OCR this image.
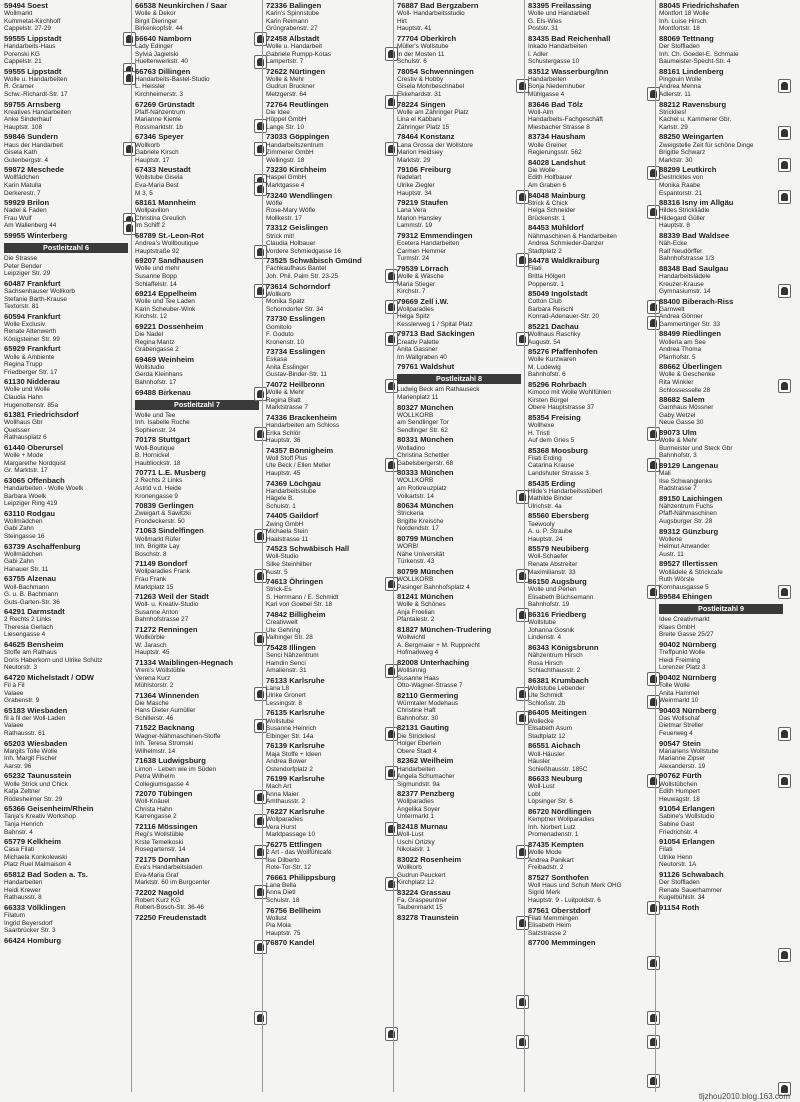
59494 Soest
Wollmarkt
Kummetat-Kirchhoff
Cappelstr. 27-29
59555 Lippstadt
Handarbeits-Haus
Porenski KG
Cappelstr. 21
59555 Lippstadt
Wolle u. Handarbeiten
R. Gramer
Schw.-Richardt-Str. 17
59755 Arnsberg
Kreatives Handarbeiten
Anke Sinderhauf
Hauptstr. 108
59846 Sundern
Haus der Handarbeit
Gisela Kath
Gutenbergstr. 4
59872 Meschede
Wollfädchen
Karin Matulla
Derkerestr. 7
59929 Brilon
Nadel & Faden
Frau Wulf
Am Wallenberg 44
59955 Winterberg
Postleitzahl 6
Die Strasse
Peter Bender
Leipziger Str. 29
60487 Frankfurt
Sachsenhauser Wollkorb
Stefanie Barth-Krause
Textorstr. 81
60594 Frankfurt
Wolle Exclusiv
Renate Altenwerth
Königsteiner Str. 99
65929 Frankfurt
Wolle & Ambiente
Regina Trupp
Friedberger Str. 17
61130 Nidderau
Wolle und Wolle
Claudia Hahn
Hugenottenstr. 85a
61381 Friedrichsdorf
Wollhaus Gbr
Quelsser
Rathausplatz 6
61440 Oberursel
Wolle + Mode
Margarethe Nordquist
Gr. Marktstr. 17
63065 Offenbach
Handarbeiten - Wolle Woelk
Barbara Woelk
Leipziger Ring 419
63110 Rodgau
Wollmädchen
Gabi Zahn
Steingasse 16
63739 Aschaffenburg
Wollmädchen
Gabi Zahn
Hanauer Str. 11
63755 Alzenau
Woll-Bachmann
G. u. B. Bachmann
Guts-Garten-Str. 36
64291 Darmstadt
2 Rechts 2 Links
Theresia Gerlach
Liesengasse 4
64625 Bensheim
Stoffe am Rathaus
Doris Haberkorn und Ulrike Schütz
Neutorstr. 3
64720 Michelstadt / ODW
Fil à Fil
Valaee
Grabenstr. 9
65183 Wiesbaden
fil à fil der Woll-Laden
Valaee
Rathausstr. 61
65203 Wiesbaden
Margits Tolle Wolle
Inh. Margit Fischer
Aarstr. 96
65232 Taunusstein
Wolle Strick und Chick
Katja Zeltner
Rödesheimer Str. 29
65366 Geisenheim/Rhein
Tanja's Kreativ Workshop
Tanja Henrich
Bahnstr. 4
65779 Kelkheim
Casa Filati
Michaela Konkolewski
Platz Ruel Malmaison 4
65812 Bad Soden a. Ts.
Handarbeiten
Heidi Krewer
Rathausstr. 8
66333 Völklingen
Filatum
Ingrid Beyersdorf
Saarbrücker Str. 3
66424 Homburg
66538 Neunkirchen / Saar
Wolle & Dekor
Birgit Dieringer
Birkenkopfstr. 44
66640 Namborn
Lady Edinger
Sylvia Jagielski
Hueltenwerkstr. 40
66763 Dillingen
Handarbeits-Bastel-Studio
L. Heissler
Kirchheimerstr. 3
67269 Grünstadt
Pfaff-Nähzentrum
Marianne Kienle
Rossmarktstr. 1b
67346 Speyer
Wollkorb
Gabriele Kirsch
Hauptstr. 17
67433 Neustadt
Wollstube Gisela
Eva-Maria Best
M 3, 5
68161 Mannheim
Wollpavillon
Christina Greulich
Im Schiff 2
68789 St.-Leon-Rot
Andrea's Wollboutique
Hauptstraße 92
69207 Sandhausen
Wolle und mehr
Susanne Bopp
Schlaffelstr. 14
69214 Eppelheim
Wolle und Tee Laden
Karin Scheuber-Wink
Kirchstr. 12
69221 Dossenheim
Die Nadel
Regina Mantz
Grabengasse 2
69469 Weinheim
Wollstudio
Gerda Kleinhans
Bahnhofstr. 17
69488 Birkenau
Postleitzahl 7
Wolle und Tee
Inh. Isabelle Roche
Sophienstr. 24
70178 Stuttgart
Woll-Boutique
B. Hornickel
Haubliockstr. 18
70771 L.E. Musberg
2 Rechts 2 Links
Astrid v.d. Heide
Kronengasse 9
70839 Gerlingen
Zweigart & Sawitzki
Frondeckerstr. 50
71063 Sindelfingen
Wollmarkt Rüfer
Inh. Brigitte Lay
Boschstr. 8
71149 Bondorf
Wollparadies Frank
Frau Frank
Marktplatz 15
71263 Weil der Stadt
Woll- u. Kreativ-Studio
Susanne Anton
Bahnhofstrasse 27
71272 Renningen
Wollkörble
W. Jarasch
Hauptstr. 45
71334 Waiblingen-Hegnach
Vreni's Wollstüble
Verena Kurz
Mühlstorstr. 2
71364 Winnenden
Die Masche
Hans Dieter Aumüller
Schillerstr. 46
71522 Backnang
Wagner-Nähmaschinen-Stoffe
Inh. Teresa Stromski
Wilhelmstr. 14
71638 Ludwigsburg
Limon - Leben wie im Süden
Petra Wilhelm
Collegiumsgasse 4
72070 Tübingen
Woll-Knäuel
Christa Hahn
Karrengasse 2
72116 Mössingen
Regi's Wollstüble
Krste Temelkoski
Rosegartenstr. 14
72175 Dornhan
Eva's Handarbeitsladen
Eva-Maria Graf
Marktstr. 60 im Burgcenter
72202 Nagold
Robert Kurz KG
Robert-Bosch-Str. 36-46
72250 Freudenstadt
72336 Balingen
Karin's Spinnstube
Karin Reimann
Grüngrabenstr. 27
72458 Albstadt
Wolle u. Handarbeit
Gabriele Rumpp-Kotas
Lampertstr. 7
72622 Nürtingen
Wolle & Mehr
Gudrun Bruckner
Metzgerstr. 64
72764 Reutlingen
Die Idee
Höppel GmbH
Lange Str. 10
73033 Göppingen
Handarbeitszentrum
Zimmerer GmbH
Wellingstr. 18
73230 Kirchheim
Haspel GmbH
Marktgasse 4
73240 Wendlingen
Wöfle
Rose-Mary Wöfle
Mollkestr. 17
73312 Geislingen
Strick mit!
Claudia Holbauer
Vordere Schmiedgasse 16
73525 Schwäbisch Gmünd
Fachkaufhaus Bantel
Joh. Phil. Palm Str. 23-25
73614 Schorndorf
Wollkorb
Monika Spatz
Schorndorfer Str. 34
73730 Esslingen
Gomitolo
F. Goduto
Kronenstr. 10
73734 Esslingen
Eskasa
Anita Esslinger
Gustav-Binder-Str. 11
74072 Heilbronn
Wolle & Mehr
Regina Blatt
Marktstrasse 7
74336 Brackenheim
Handarbeiten am Schloss
Erika Schlör
Hauptstr. 36
74357 Bönnigheim
Woll Stoff Plus
Ute Beck / Ellen Meller
Hauptstr. 45
74369 Löchgau
Handarbeitsstube
Hägele B.
Schulstr. 1
74405 Gaildorf
Zwing GmbH
Michaela Stein
Haalstrasse 11
74523 Schwäbisch Hall
Woll-Studio
Silke Steinhilber
Austr. 5
74613 Öhringen
Strick-Es
S. Herrmann / E. Schmidt
Karl von Goebel Str. 18
74842 Billigheim
Creativwelt
Ute Gehring
Vaihinger Str. 28
75428 Illingen
Senci Nähzentrum
Hamdin Senci
Amalienstr. 31
76133 Karlsruhe
Lana L8
Ulrike Gronert
Lessingstr. 8
76135 Karlsruhe
Wollstube
Susanne Heinrich
Elbinger Str. 14a
76139 Karlsruhe
Maja Stoffe + Ideen
Andrea Bower
Ostendorfplatz 2
76199 Karlsruhe
Mach Art
Anna Maier
Amthausstr. 2
76227 Karlsruhe
Wollparadies
Vera Hurst
Marktpassage 10
76275 Ettlingen
2 Art - das Wollfühlcafé
Ilse Dilberto
Rote-Tor-Str. 12
76661 Philippsburg
Lana Bella
Anna Dietl
Schulstr. 18
76756 Bellheim
Wollust
Pia Mola
Hauptstr. 75
76870 Kandel
76887 Bad Bergzabern
Woll- Handarbeitsstudio
Hirt
Hauptstr. 41
77704 Oberkirch
Müller's Wollstube
In der Mosten 11
Schulstr. 6
78054 Schwenningen
Crestiv & Hobby
Gisela Mohrbeschnabel
Ekkehardstr. 31
78224 Singen
Wolle am Zähringer Platz
Lina el Kabbani
Zähringer Platz 15
78464 Konstanz
Lana Grossa der Wollstore
Marion Heidsiey
Marktstr. 29
79106 Freiburg
Nadelart
Ulrike Ziegler
Hauptstr. 34
79219 Staufen
Lana Vera
Marion Hansley
Lammstr. 19
79312 Emmendingen
Ecetera Handarbeiten
Carmen Hemmer
Turmstr. 24
79539 Lörrach
Wolle & Wäsche
Maria Stieger
Kirchstr. 7
79669 Zell i.W.
Wollparadies
Helga Spitz
Kesslerweg 1 / Spital Platz
79713 Bad Säckingen
Creativ Palette
Anita Gassner
Im Wallgraben 40
79761 Waldshut
Postleitzahl 8
Ludwig Beck am Rathauseck
Marienplatz 11
80327 München
WOLLKORB
am Sendlinger Tor
Sendlinger Str. 62
80331 München
Wolladino
Christina Schettler
Gabelsbergerstr. 68
80333 München
WOLLKORB
am Rotkreuzplatz
Volkartstr. 14
80634 München
Strickeria
Brigitte Kreische
Nordendstr. 17
80799 München
WORB!
Nähe Universität
Türkenstr. 43
80799 München
WOLLKORB
Pasinger Bahnhofsplatz 4
81241 München
Wolle & Schönes
Anja Froelian
Pfantalestr. 2
81827 München-Trudering
Wollwichtl
A. Bergmaier + M. Rupprecht
Hofmarkweg 4
82008 Unterhaching
Wollsinnig
Susanne Haas
Otto-Wagner-Strasse 7
82110 Germering
Würmtaler Modehaus
Christine Haft
Bahnhofstr. 30
82131 Gauting
Die Strickliesl
Holger Eberlein
Obere Stadt 4
82362 Weilheim
Handarbeiten
Angela Schumacher
Sigmundstr. 9a
82377 Penzberg
Wollparadies
Angelika Soyer
Untermarkt 1
82418 Murnau
Woll-Lust
Uschi Ortizky
Nikolaistr. 1
83022 Rosenheim
Wollkorb
Gudrun Peuckert
Kirchplatz 12
83224 Grassau
Fa. Graspeuntner
Taubenmarkt 15
83278 Traunstein
83395 Freilassing
Wolle und Handarbeit
G. Els-Wies
Poststr. 31
83435 Bad Reichenhall
Inkado Handarbeiten
I. Adler
Schustergasse 10
83512 Wasserburg/Inn
Handarbeiten
Sonja Niedernhuber
Mühlgasse 4
83646 Bad Tölz
Woll-Alm
Handarbeits-Fachgeschäft
Miesbacher Strasse 8
83734 Hausham
Wolle Greiner
Regierungsstr. 562
84028 Landshut
Die Wolle
Edith Holfbauer
Am Graben 6
84048 Mainburg
Strick & Chick
Helga Schneider
Brückenstr. 1
84453 Mühldorf
Nähmaschinen & Handarbeiten
Andrea Schmieder-Danzer
Stadtplatz 2
84478 Waldkraiburg
Filati
Britta Hölgert
Poppenstr. 1
85049 Ingolstadt
Cotton Club
Barbara Reischl
Konrad-Adenauer-Str. 20
85221 Dachau
Wollhaus Raschky
Augustr. 54
85276 Pfaffenhofen
Wolle Kurzwaren
M. Ludewig
Bahnhofstr. 6
85296 Rohrbach
Kimoco mit Wolle Wohlfühlen
Kirsten Bürgel
Obere Hauptstrasse 37
85354 Freising
Wollhexe
H. Tristl
Auf dem Gries 5
85368 Moosburg
Filati Erding
Catarina Krause
Landshuter Strasse 3
85435 Erding
Hilde's Handarbeitsstüberl
Mathilde Binder
Ulrichstr. 4a
85560 Ebersberg
Teewooly
A. u. P. Straube
Hauptstr. 24
85579 Neubiberg
Woll-Schaefer
Renate Abstreiter
Maximilianstr. 33
86150 Augsburg
Wolle und Perlen
Elisabeth Büchsemann
Bahnhofstr. 19
86316 Friedberg
Wollstube
Johanna Gosnik
Lindenstr. 4
86343 Königsbrunn
Nähzentrum Hirsch
Rosa Hirsch
Schlachthausstr. 2
86381 Krumbach
Wollstube Lebender
Ute Schmidt
Schloßstr. 2b
86405 Meitingen
Wollecke
Elisabeth Asum
Stadtplatz 12
86551 Aichach
Woll-Häusler
Häusler
Schießhausstr. 185C
86633 Neuburg
Woll-Lust
Lobl
Löpsinger Str. 6
86720 Nördlingen
Kemptner Wollparadies
Inh. Norbert Lutz
Promenadenstr. 1
87435 Kempten
Wolle Mode
Andrea Panikart
Freibadstr. 2
87527 Sonthofen
Woll Haus und Schuh Merk OHG
Sigrid Merk
Hauptstr. 9 - Luitpoldstr. 6
87561 Oberstdorf
Filati Memmingen
Elisabeth Heim
Salzstrasse 2
87700 Memmingen
88045 Friedrichshafen
Montfort 18 Wolle
Inh. Luise Hirsch
Montfortstr. 18
88069 Tettnang
Der Stoffladen
Inh. Ch. Goedel-E. Schmale
Baumeister-Specht-Str. 4
88161 Lindenberg
Pingouin Wolle
Andrea Menna
Adlerstr. 11
88212 Ravensburg
Stricklies!
Kachel u. Kammerer Gbr.
Karlstr. 29
88250 Weingarten
Zweigstelle Zeit für schöne Dinge
Brigitte Schwarz
Marktstr. 30
88299 Leutkirch
Gestricktes von
Monika Raabe
Espantorstr. 21
88316 Isny im Allgäu
Hildes Strickliädle
Hildegard Güller
Hauptstr. 8
88339 Bad Waldsee
Näh-Ecke
Ralf Neudörffer
Bahnhofstrasse 1/3
88348 Bad Saulgau
Handarbeitslädele
Kreuzer-Krause
Gymnasiumstr. 14
88400 Biberach-Riss
Garnwelt
Andrea Gönner
Gammertinger Str. 33
88499 Riedlingen
Wollerla am See
Andrea Thoma
Pfarrhofstr. 5
88662 Überlingen
Wolle & Geschenke
Rita Winkler
Schlossesselle 28
88682 Salem
Garnhaus Mössner
Gaby Wetzel
Neue Gasse 30
89073 Ulm
Wolle & Mehr
Burmeister und Steck Gbr
Bahnhofstr. 3
89129 Langenau
Mali
Ilse Schwanglenks
Radstrasse 7
89150 Laichingen
Nähzentrum Fuchs
Pfaff-Nähmaschinen
Augsburger Str. 28
89312 Günzburg
Wollene
Helmut Anwander
Austr. 11
89527 Illertissen
Wollädele & Strickcafe
Ruth Wörsle
Kornhausgasse 5
89584 Ehingen
Postleitzahl 9
Idee Creativmarkt
Klaes GmbH
Breite Gasse 25/27
90402 Nürnberg
Treffpunkt Wolle
Heidi Freiming
Lorenzer Platz 3
90402 Nürnberg
Tolle Wolle
Anita Hammel
Weinmarkt 10
90403 Nürnberg
Das Wollschaf
Dietmar Streller
Feuerweg 4
90547 Stein
Marianens Wollstube
Marianne Zipser
Alexanderstr. 19
90762 Fürth
Wollstübchen
Edith Humpert
Heuwagstr. 18
91054 Erlangen
Sabine's Wollstudio
Sabine Gast
Friedrichstr. 4
91054 Erlangen
Filati
Ulrike Henn
Neutorstr. 1A
91126 Schwabach
Der Stoffladen
Renate Sauerhammer
Kugelbühlstr. 34
91154 Roth
tljzhou2010.blog.163.com
